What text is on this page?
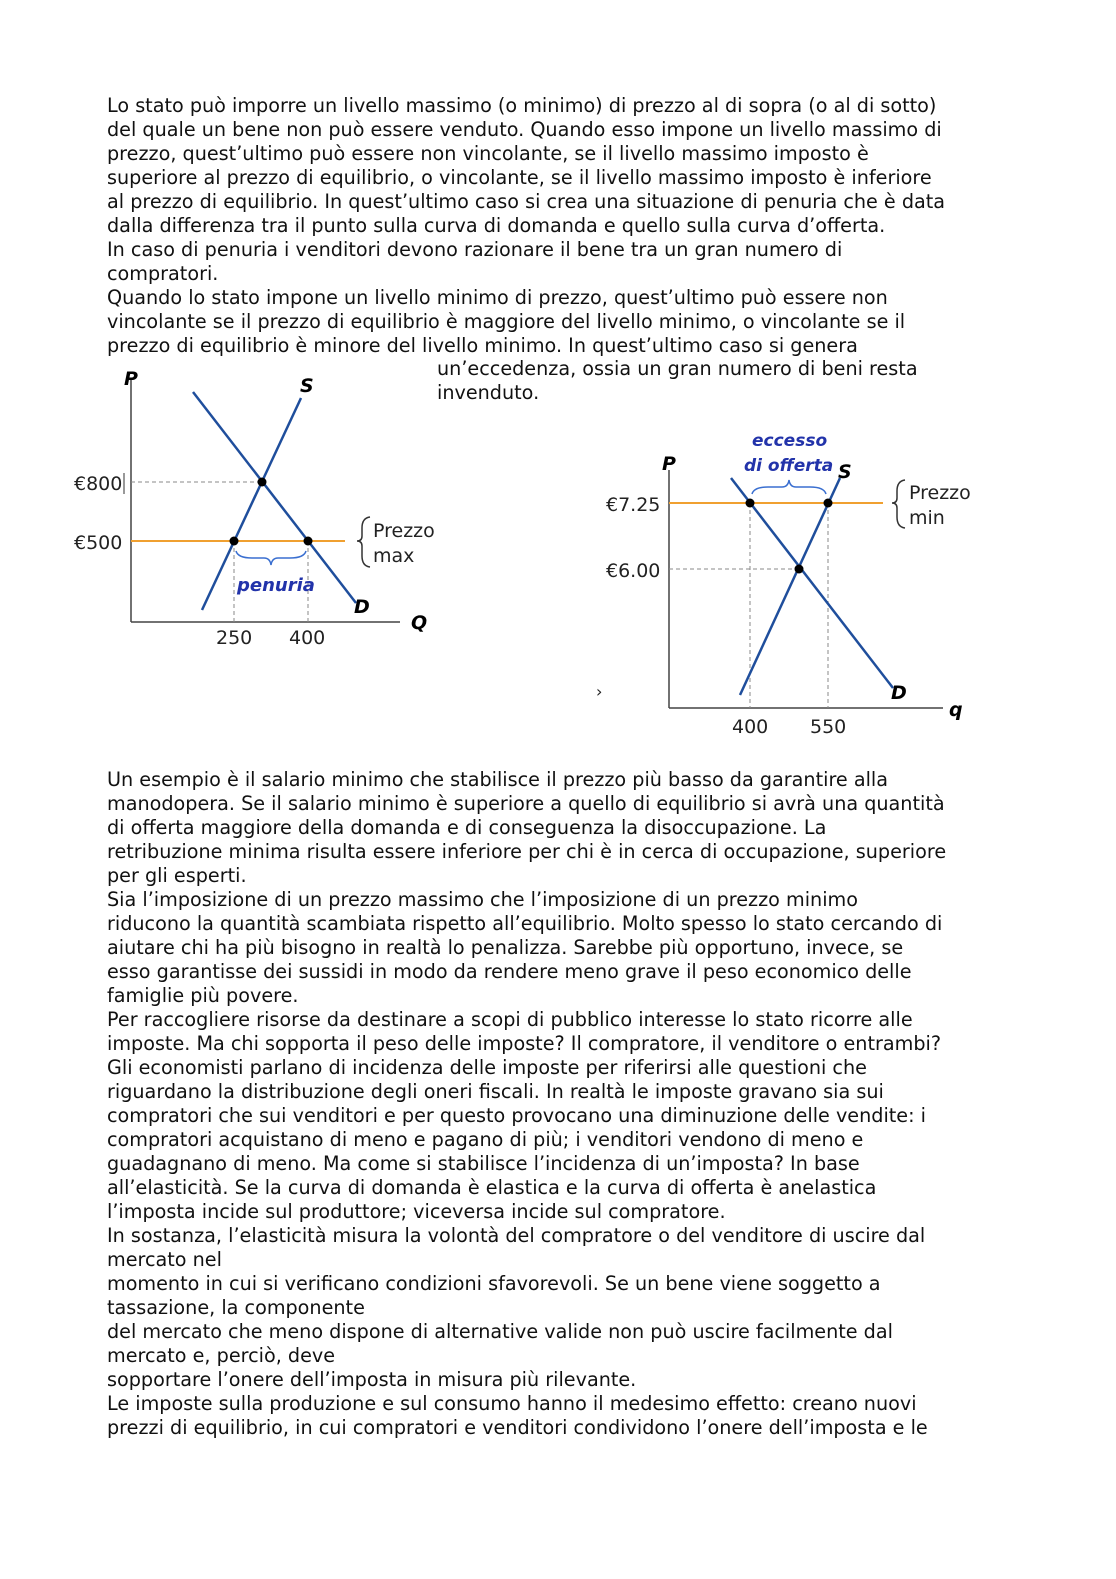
Lo stato può imporre un livello massimo (o minimo) di prezzo al di sopra (o al di sotto)
del quale un bene non può essere venduto. Quando esso impone un livello massimo di
prezzo, quest’ultimo può essere non vincolante, se il livello massimo imposto è
superiore al prezzo di equilibrio, o vincolante, se il livello massimo imposto è inferiore
al prezzo di equilibrio. In quest’ultimo caso si crea una situazione di penuria che è data
dalla differenza tra il punto sulla curva di domanda e quello sulla curva d’offerta.
In caso di penuria i venditori devono razionare il bene tra un gran numero di
compratori.
Quando lo stato impone un livello minimo di prezzo, quest’ultimo può essere non
vincolante se il prezzo di equilibrio è maggiore del livello minimo, o vincolante se il
prezzo di equilibrio è minore del livello minimo. In quest’ultimo caso si genera
un’eccedenza, ossia un gran numero di beni resta
invenduto.
P	S
€800
€500
Prezzo
max
penuria
D
Q
250 400
eccesso
di offerta
P	S
Prezzo
min
€7.25
€6.00
›	D
q
400 550
Un esempio è il salario minimo che stabilisce il prezzo più basso da garantire alla
manodopera. Se il salario minimo è superiore a quello di equilibrio si avrà una quantità
di offerta maggiore della domanda e di conseguenza la disoccupazione. La
retribuzione minima risulta essere inferiore per chi è in cerca di occupazione, superiore
per gli esperti.
Sia l’imposizione di un prezzo massimo che l’imposizione di un prezzo minimo
riducono la quantità scambiata rispetto all’equilibrio. Molto spesso lo stato cercando di
aiutare chi ha più bisogno in realtà lo penalizza. Sarebbe più opportuno, invece, se
esso garantisse dei sussidi in modo da rendere meno grave il peso economico delle
famiglie più povere.
Per raccogliere risorse da destinare a scopi di pubblico interesse lo stato ricorre alle
imposte. Ma chi sopporta il peso delle imposte? Il compratore, il venditore o entrambi?
Gli economisti parlano di incidenza delle imposte per riferirsi alle questioni che
riguardano la distribuzione degli oneri fiscali. In realtà le imposte gravano sia sui
compratori che sui venditori e per questo provocano una diminuzione delle vendite: i
compratori acquistano di meno e pagano di più; i venditori vendono di meno e
guadagnano di meno. Ma come si stabilisce l’incidenza di un’imposta? In base
all’elasticità. Se la curva di domanda è elastica e la curva di offerta è anelastica
l’imposta incide sul produttore; viceversa incide sul compratore.
In sostanza, l’elasticità misura la volontà del compratore o del venditore di uscire dal
mercato nel
momento in cui si verificano condizioni sfavorevoli. Se un bene viene soggetto a
tassazione, la componente
del mercato che meno dispone di alternative valide non può uscire facilmente dal
mercato e, perciò, deve
sopportare l’onere dell’imposta in misura più rilevante.
Le imposte sulla produzione e sul consumo hanno il medesimo effetto: creano nuovi
prezzi di equilibrio, in cui compratori e venditori condividono l’onere dell’imposta e le
